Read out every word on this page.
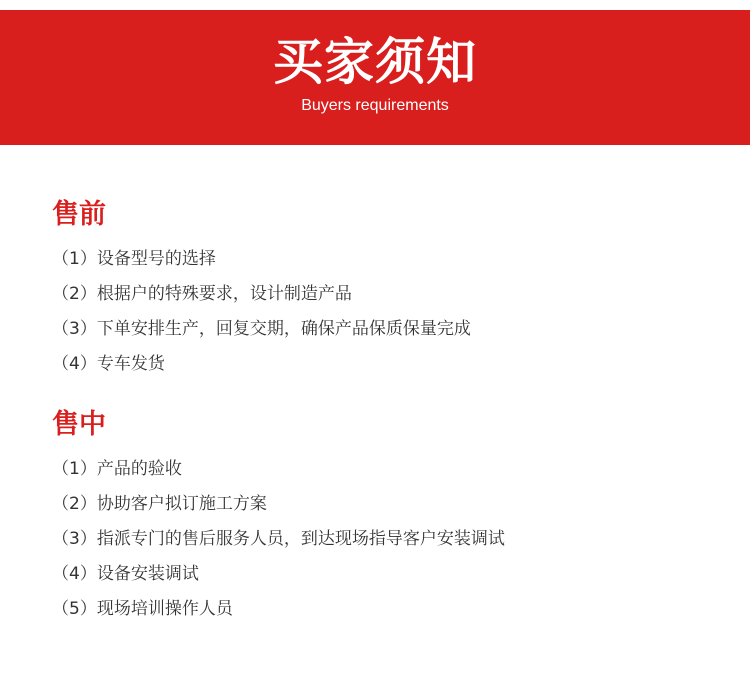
买家须知
Buyers requirements
售前
（1）设备型号的选择
（2）根据户的特殊要求，设计制造产品
（3）下单安排生产，回复交期，确保产品保质保量完成
（4）专车发货
售中
（1）产品的验收
（2）协助客户拟订施工方案
（3）指派专门的售后服务人员，到达现场指导客户安装调试
（4）设备安装调试
（5）现场培训操作人员
